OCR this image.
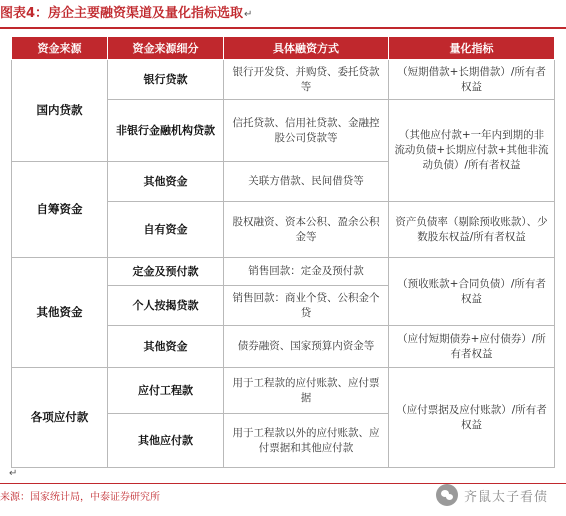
图表4：房企主要融资渠道及量化指标选取↵
资金来源	资金来源细分	具体融资方式	量化指标
国内贷款	银行贷款	银行开发贷、并购贷、委托贷款等	（短期借款+长期借款）/所有者权益
	非银行金融机构贷款	信托贷款、信用社贷款、金融控股公司贷款等	（其他应付款+一年内到期的非流动负债+长期应付款+其他非流动负债）/所有者权益
自筹资金	其他资金	关联方借款、民间借贷等	
	自有资金	股权融资、资本公积、盈余公积金等	资产负债率（剔除预收账款）、少数股东权益/所有者权益
其他资金	定金及预付款	销售回款：定金及预付款	（预收账款+合同负债）/所有者权益
	个人按揭贷款	销售回款：商业个贷、公积金个贷	
	其他资金	债券融资、国家预算内资金等	（应付短期债券+应付债券）/所有者权益
各项应付款	应付工程款	用于工程款的应付账款、应付票据	（应付票据及应付账款）/所有者权益
	其他应付款	用于工程款以外的应付账款、应付票据和其他应付款	
↵
来源：国家统计局，中泰证券研究所	齐鼠太子看债
